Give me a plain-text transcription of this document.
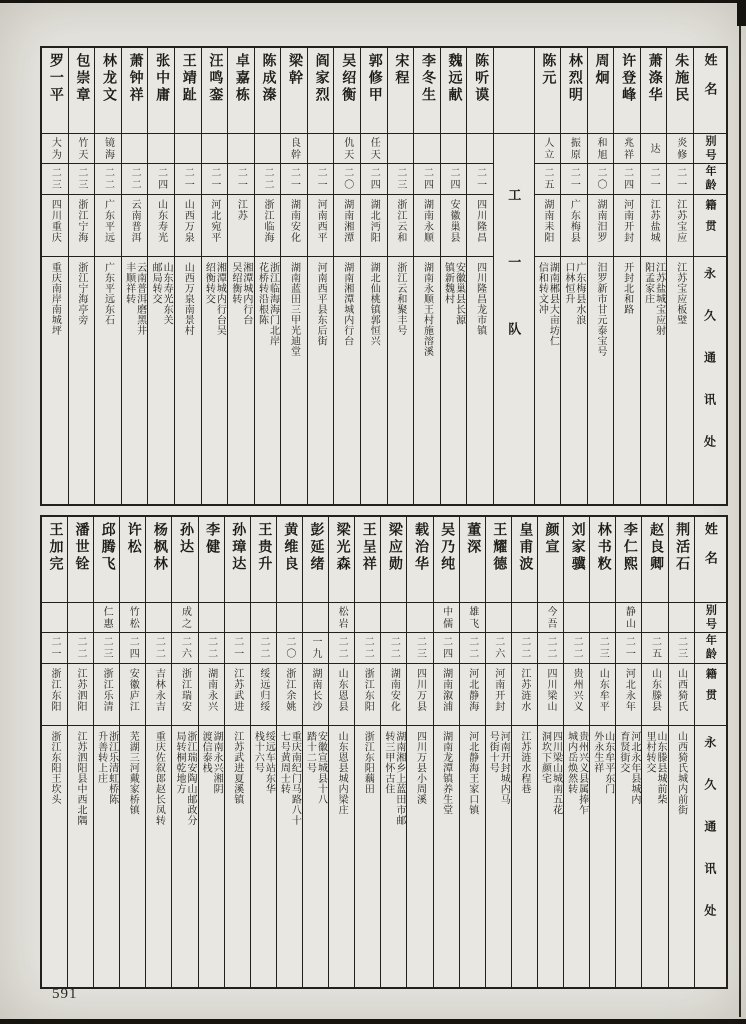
姓名
别号
年龄
籍贯
永久通讯处
朱施民
炎修
二一
江苏宝应
江苏宝应板璧
萧涤华
达
二一
江苏盐城
江苏盐城宝应射阳孟家庄
许登峰
兆祥
二四
河南开封
开封北和路
周炯
和旭
二〇
湖南汨罗
汨罗新市甘元泰宝号
林烈明
振原
二一
广东梅县
广东梅县水浪口林恒升
陈元
人立
二五
湖南耒阳
湖南郴县大亩坊仁信和转文冲
工一队
陈听谟
二一
四川隆昌
四川隆昌龙市镇
魏远献
二四
安徽巢县
安徽巢县长源镇新魏村
李冬生
二四
湖南永顺
湖南永顺王村施溶溪
宋程
二三
浙江云和
浙江云和聚丰号
郭修甲
任天
二四
湖北沔阳
湖北仙桃镇郭恒兴
吴绍衡
仇天
二〇
湖南湘潭
湖南湘潭城内行台
阎家烈
二一
河南西平
河南西平县东后街
梁幹
良幹
二一
湖南安化
湖南蓝田三甲光迪堂
陈成溱
二二
浙江临海
浙江临海海门北岸花桥转沿根陈
卓嘉栋
二一
江苏
湘潭城内行台吴绍衡转
汪鸣銮
二一
河北宛平
湘潭城内行台吴绍衡转交
王靖趾
二一
山西万泉
山西万泉南景村
张中庸
二四
山东寿光
山东寿光东关邮局转交
萧钟祥
二二
云南普洱
云南普洱磨黑井丰顺祥转
林龙文
镜海
二二
广东平远
广东平远东石
包崇章
竹天
二三
浙江宁海
浙江宁海亭旁
罗一平
大为
二三
四川重庆
重庆南岸南城坪
姓名
别号
年龄
籍贯
永久通讯处
荆活石
二三
山西猗氏
山西猗氏城内前街
赵良卿
二五
山东滕县
山东滕县城前柴里村转交
李仁熙
静山
二一
河北永年
河北永年县城内育贤街交
林书敉
二三
山东牟平
山东牟平东门外永生祥
刘家骥
二二
贵州兴义
贵州兴义县属捧乍城内岳焕然转
颜宣
今吾
二二
四川梁山
四川梁山城南五花洞坎下颜宅
皇甫波
二二
江苏涟水
江苏涟水程巷
王耀德
二六
河南开封
河南开封城内马号街十号
董深
雄飞
二二
河北静海
河北静海王家口镇
吴乃纯
中儒
二四
湖南溆浦
湖南龙潭镇养生堂
载治华
二三
四川万县
四川万县小周溪
梁应勋
二二
湖南安化
湖南湘乡上蓝田市邮转三甲怀古住
王呈祥
二二
浙江东阳
浙江东阳藕田
梁光森
松岩
二二
山东恩县
山东恩县城内梁庄
彭延绪
一九
湖南长沙
安徽宣城县十八踏十二号
黄维良
二〇
浙江余姚
重庆南纪门马路八十七号黄周士转
王贵升
二二
绥远归绥
绥远车站东华栈十六号
孙璋达
二一
江苏武进
江苏武进夏溪镇
李健
二二
湖南永兴
湖南永兴湘阴渡信泰栈
孙达
成之
二六
浙江瑞安
浙江瑞安陶山邮政分局转桐乾地方
杨枫林
二二
吉林永吉
重庆佐叙郎赵长凤转
许松
竹松
二四
安徽庐江
芜湖三河戴家桥镇
邱腾飞
仁惠
二三
浙江乐清
浙江乐清虹桥陈升善转上庄
潘世铨
二二
江苏泗阳
江苏泗阳县中西北隅
王加完
二一
浙江东阳
浙江东阳王坎头
591
